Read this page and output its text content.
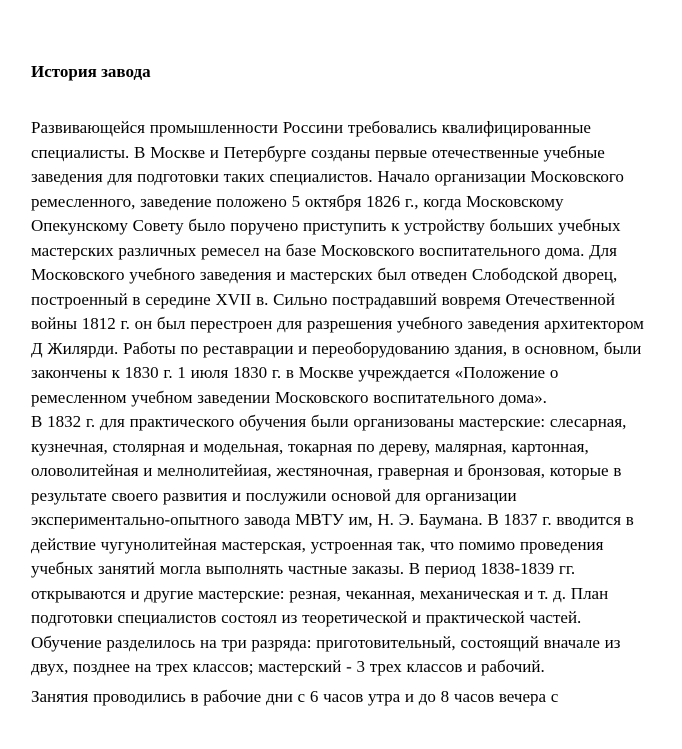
История завода

Развивающейся промышленности Россини требовались квалифицированные специалисты. В Москве и Петербурге созданы первые отечественные учебные заведения для подготовки таких специалистов. Начало организации Московского ремесленного, заведение положено 5 октября 1826 г., когда Московскому Опекунскому Совету было поручено приступить к устройству больших учебных мастерских различных ремесел на базе Московского воспитательного дома. Для Московского учебного заведения и мастерских был отведен Слободской дворец, построенный в середине XVII в. Сильно пострадавший вовремя Отечественной войны 1812 г. он был перестроен для разрешения учебного заведения архитектором Д Жилярди. Работы по реставрации и переоборудованию здания, в основном, были закончены к 1830 г. 1 июля 1830 г. в Москве учреждается «Положение о ремесленном учебном заведении Московского воспитательного дома».

В 1832 г. для практического обучения были организованы мастерские: слесарная, кузнечная, столярная и модельная, токарная по дереву, малярная, картонная, оловолитейная и мелнолитейиая, жестяночная, граверная и бронзовая, которые в результате своего развития и послужили основой для организации экспериментально-опытного завода МВТУ им, Н. Э. Баумана. В 1837 г. вводится в действие чугунолитейная мастерская, устроенная так, что помимо проведения учебных занятий могла выполнять частные заказы. В период 1838-1839 гг. открываются и другие мастерские: резная, чеканная, механическая и т. д. План подготовки специалистов состоял из теоретической и практической частей. Обучение разделилось на три разряда: приготовительный, состоящий вначале из двух, позднее на трех классов; мастерский - 3 трех классов и рабочий.

Занятия проводились в рабочие дни с 6 часов утра и до 8 часов вечера с
